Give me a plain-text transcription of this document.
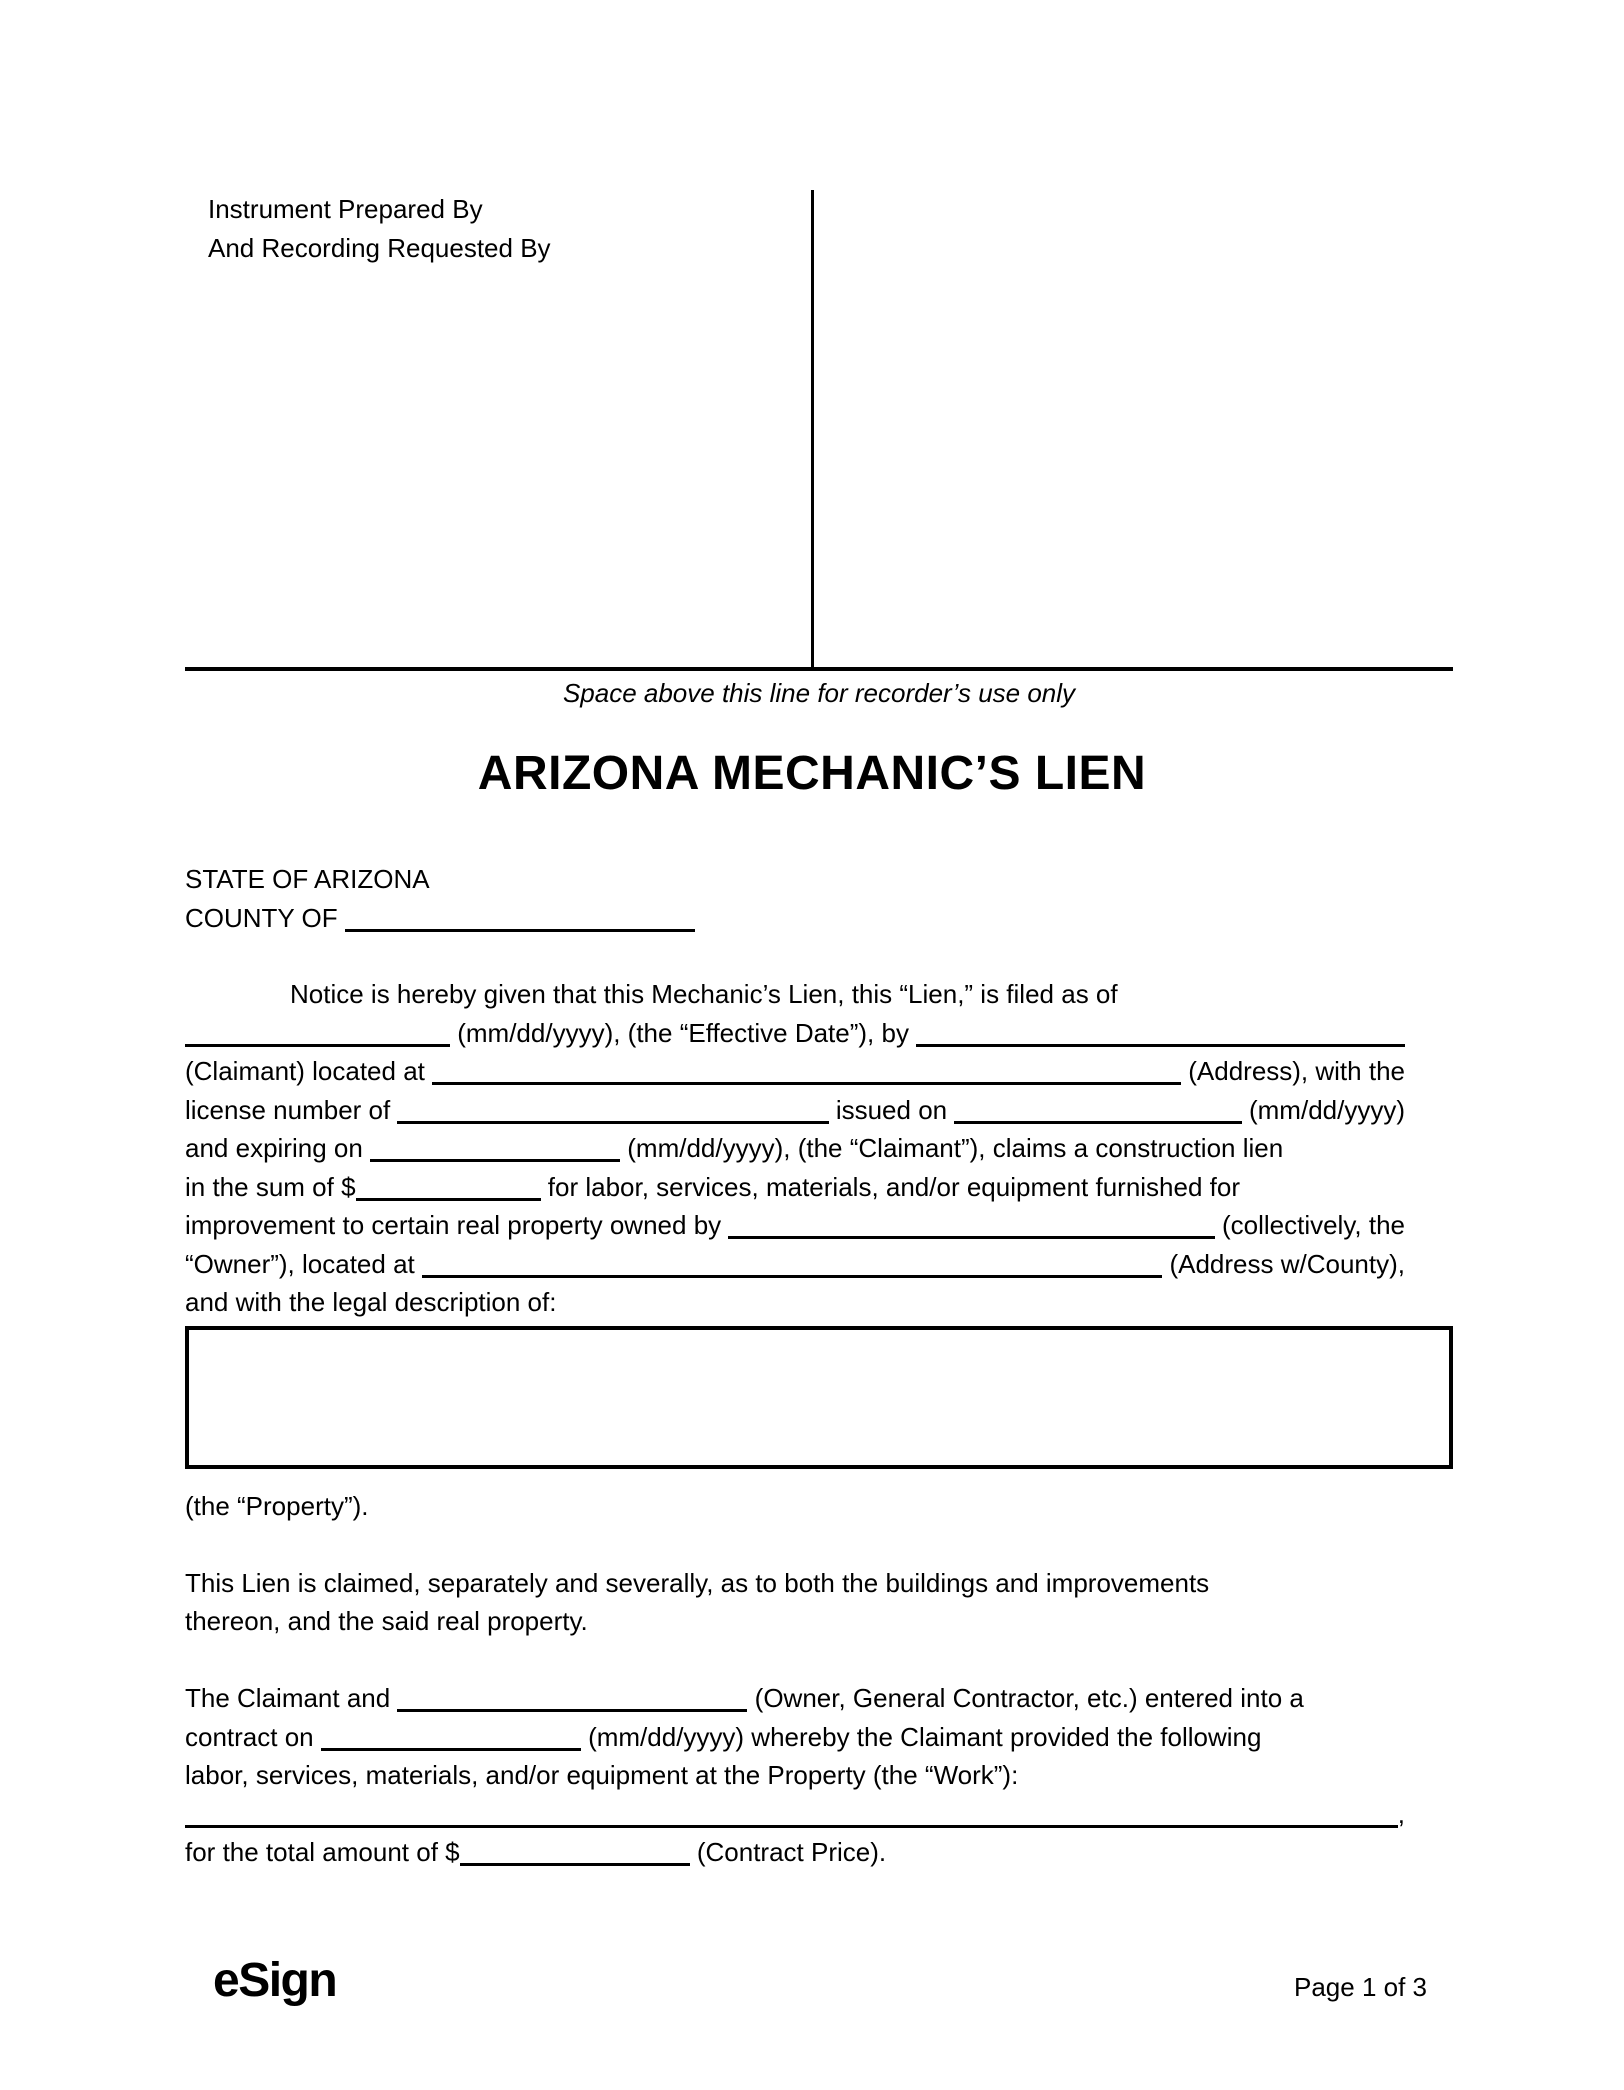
Instrument Prepared By
And Recording Requested By
Space above this line for recorder’s use only
ARIZONA MECHANIC’S LIEN
STATE OF ARIZONA
COUNTY OF
Notice is hereby given that this Mechanic’s Lien, this “Lien,” is filed as of
(mm/dd/yyyy), (the “Effective Date”), by
(Claimant) located at	(Address), with the
license number of	issued on	(mm/dd/yyyy)
and expiring on	(mm/dd/yyyy), (the “Claimant”), claims a construction lien
in the sum of $	for labor, services, materials, and/or equipment furnished for
improvement to certain real property owned by	(collectively, the
“Owner”), located at	(Address w/County),
and with the legal description of:
(the “Property”).
This Lien is claimed, separately and severally, as to both the buildings and improvements
thereon, and the said real property.
The Claimant and	(Owner, General Contractor, etc.) entered into a
contract on	(mm/dd/yyyy) whereby the Claimant provided the following
labor, services, materials, and/or equipment at the Property (the “Work”):
,
for the total amount of $	(Contract Price).
eSign	Page 1 of 3
